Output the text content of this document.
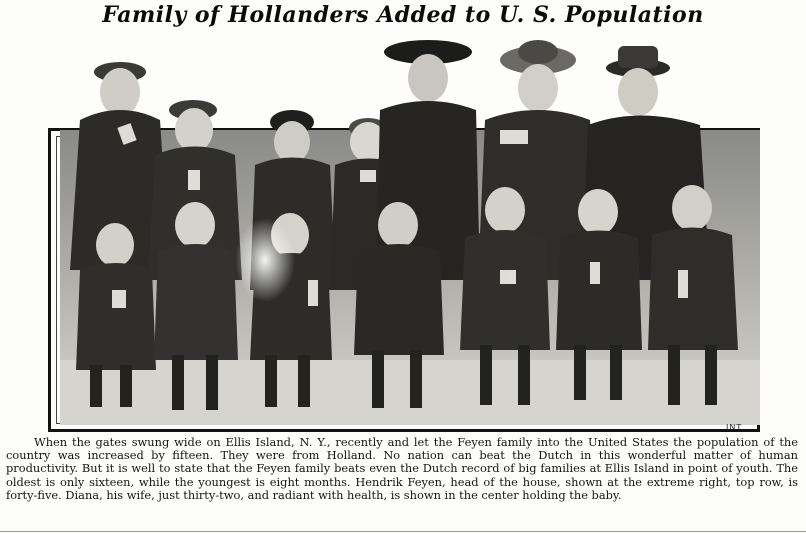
Family of Hollanders Added to U. S. Population
INT
When the gates swung wide on Ellis Island, N. Y., recently and let the Feyen family into the United States the population of the country was increased by fifteen. They were from Holland. No nation can beat the Dutch in this wonderful matter of human productivity. But it is well to state that the Feyen family beats even the Dutch record of big families at Ellis Island in point of youth. The oldest is only sixteen, while the youngest is eight months. Hendrik Feyen, head of the house, shown at the extreme right, top row, is forty-five. Diana, his wife, just thirty-two, and radiant with health, is shown in the center holding the baby.
